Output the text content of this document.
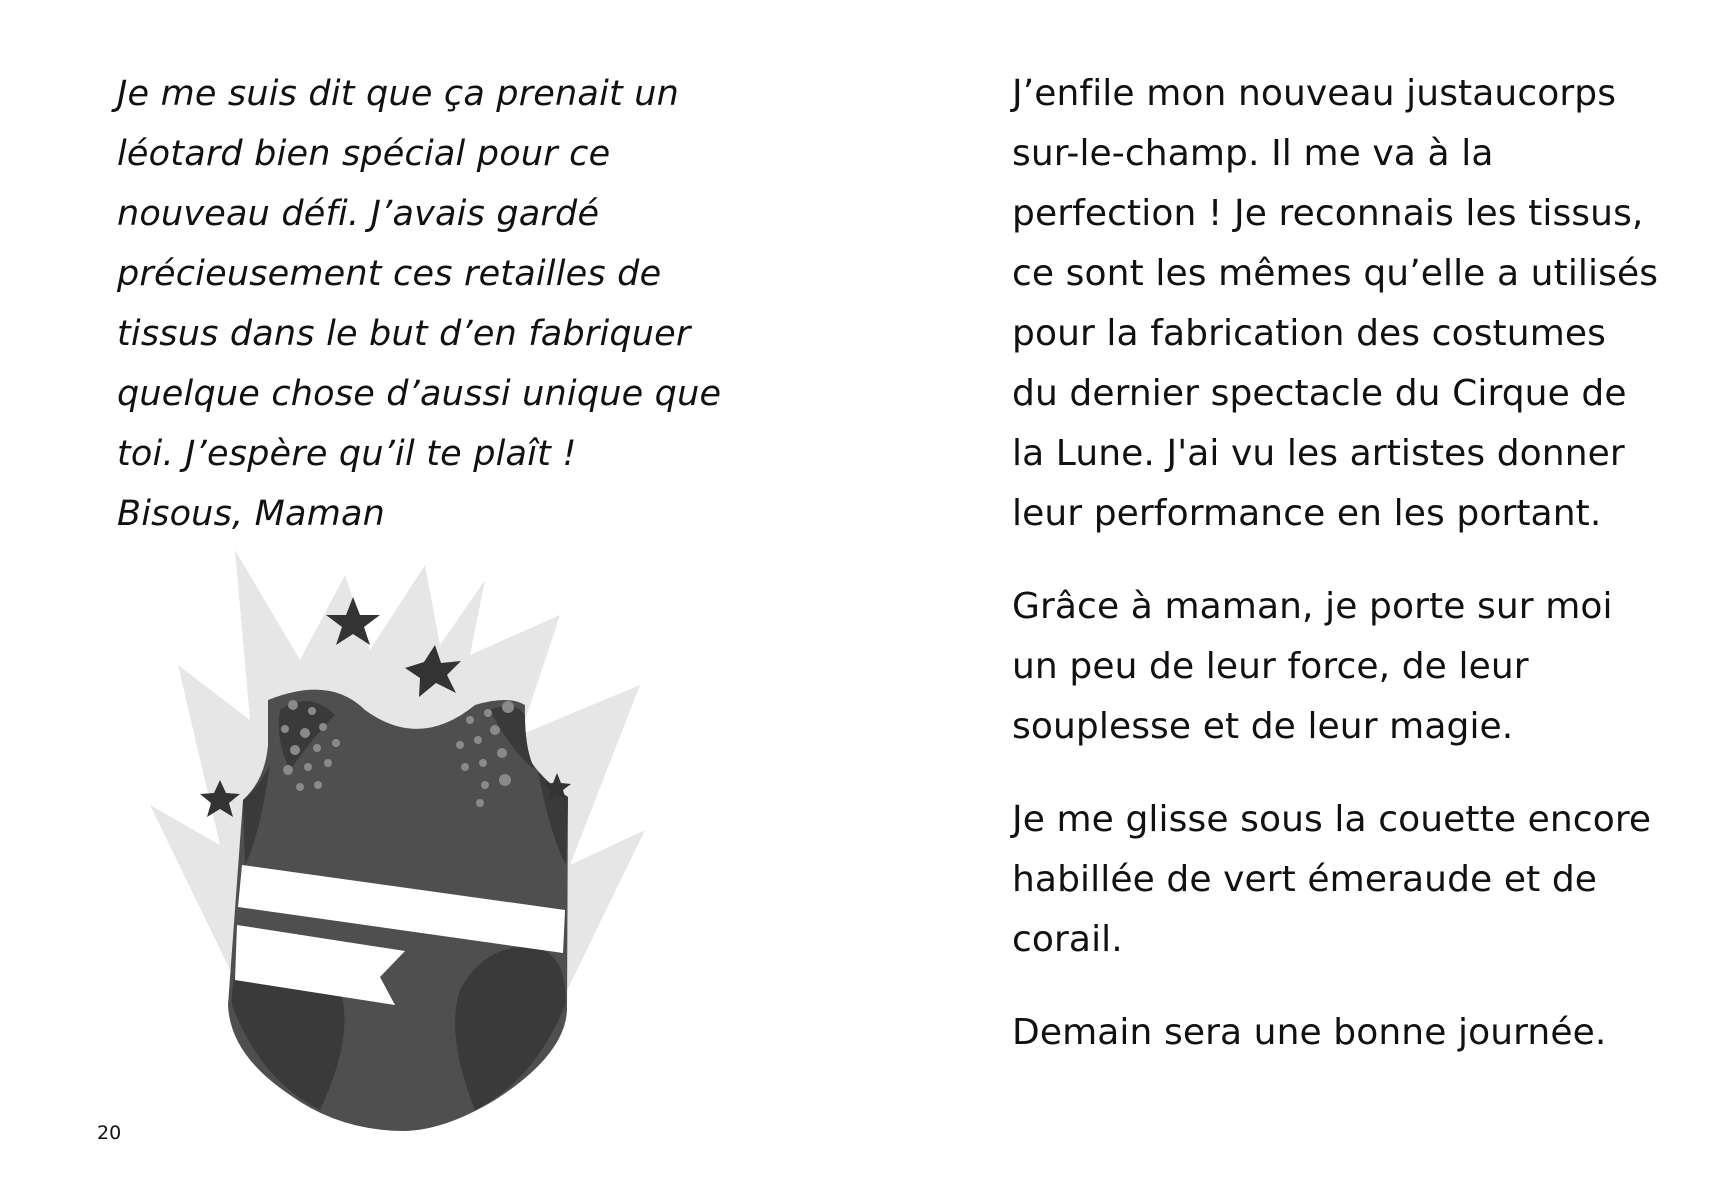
Je me suis dit que ça prenait un
léotard bien spécial pour ce
nouveau défi. J’avais gardé
précieusement ces retailles de
tissus dans le but d’en fabriquer
quelque chose d’aussi unique que
toi. J’espère qu’il te plaît !
Bisous, Maman
20

J’enfile mon nouveau justaucorps
sur-le-champ. Il me va à la
perfection ! Je reconnais les tissus,
ce sont les mêmes qu’elle a utilisés
pour la fabrication des costumes
du dernier spectacle du Cirque de
la Lune. J'ai vu les artistes donner
leur performance en les portant.

Grâce à maman, je porte sur moi
un peu de leur force, de leur
souplesse et de leur magie.

Je me glisse sous la couette encore
habillée de vert émeraude et de
corail.

Demain sera une bonne journée.
